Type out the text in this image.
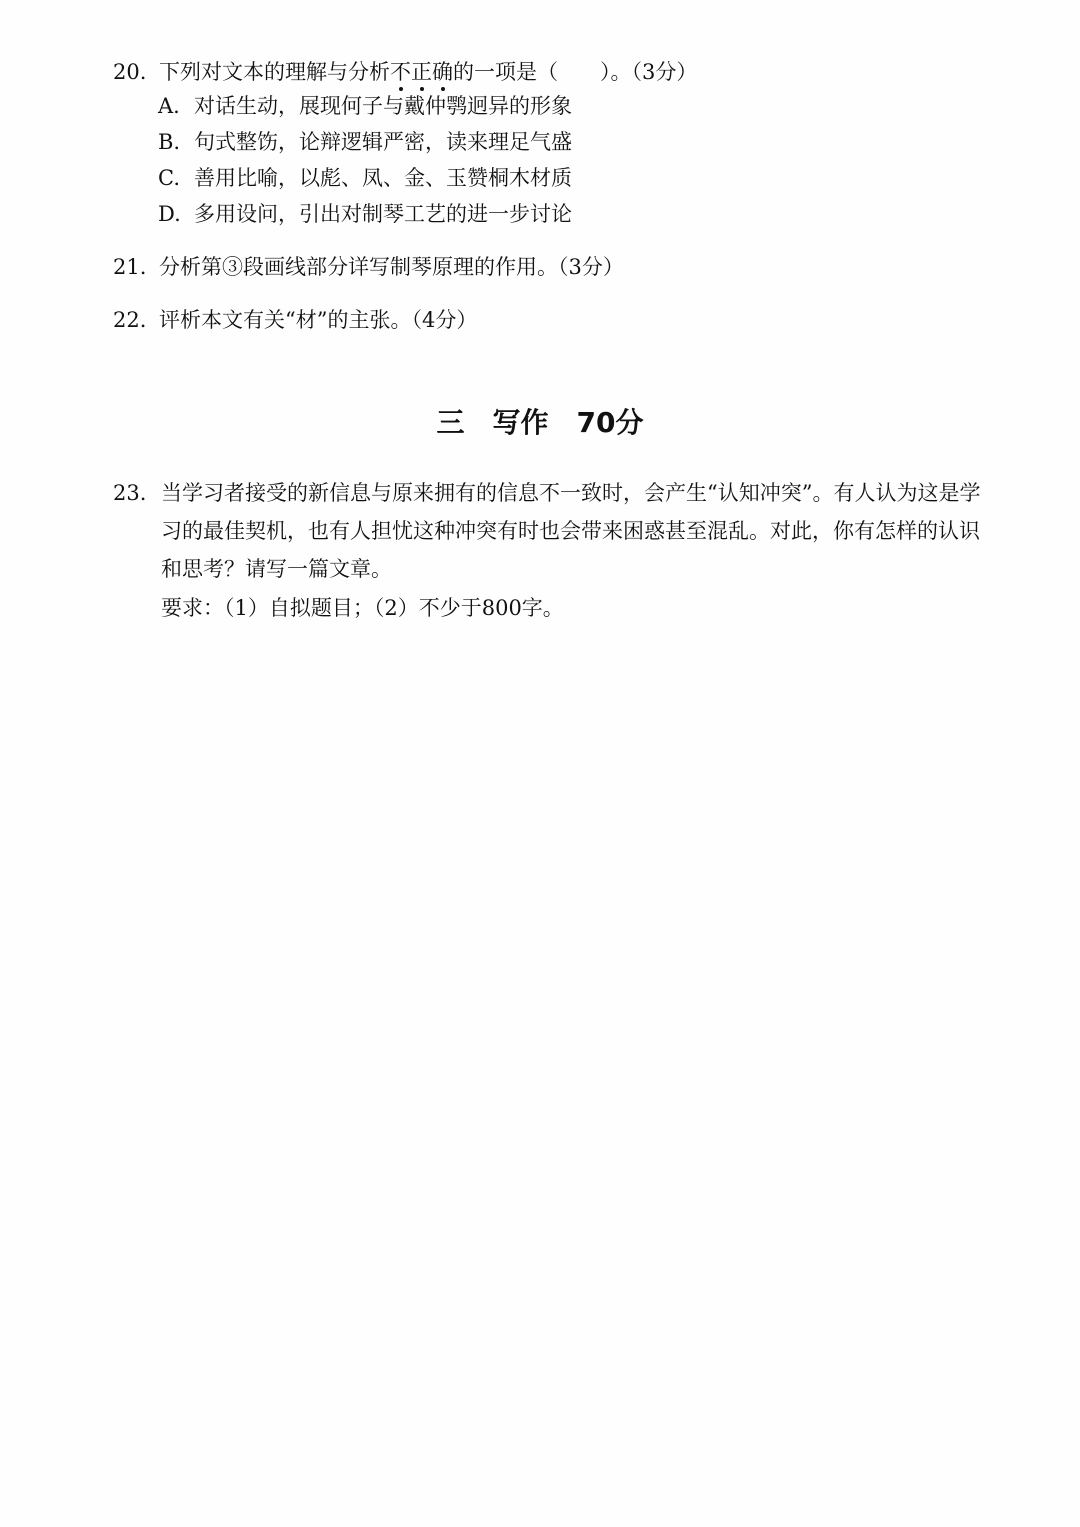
20. 下列对文本的理解与分析不正确的一项是（　　）。（3分）
A. 对话生动，展现何子与戴仲鹗迥异的形象
B. 句式整饬，论辩逻辑严密，读来理足气盛
C. 善用比喻，以彪、凤、金、玉赞桐木材质
D. 多用设问，引出对制琴工艺的进一步讨论
21. 分析第③段画线部分详写制琴原理的作用。（3分）
22. 评析本文有关“材”的主张。（4分）
三 写作 70分
23. 当学习者接受的新信息与原来拥有的信息不一致时，会产生“认知冲突”。有人认为这是学习的最佳契机，也有人担忧这种冲突有时也会带来困惑甚至混乱。对此，你有怎样的认识和思考？请写一篇文章。
要求：（1）自拟题目；（2）不少于800字。
